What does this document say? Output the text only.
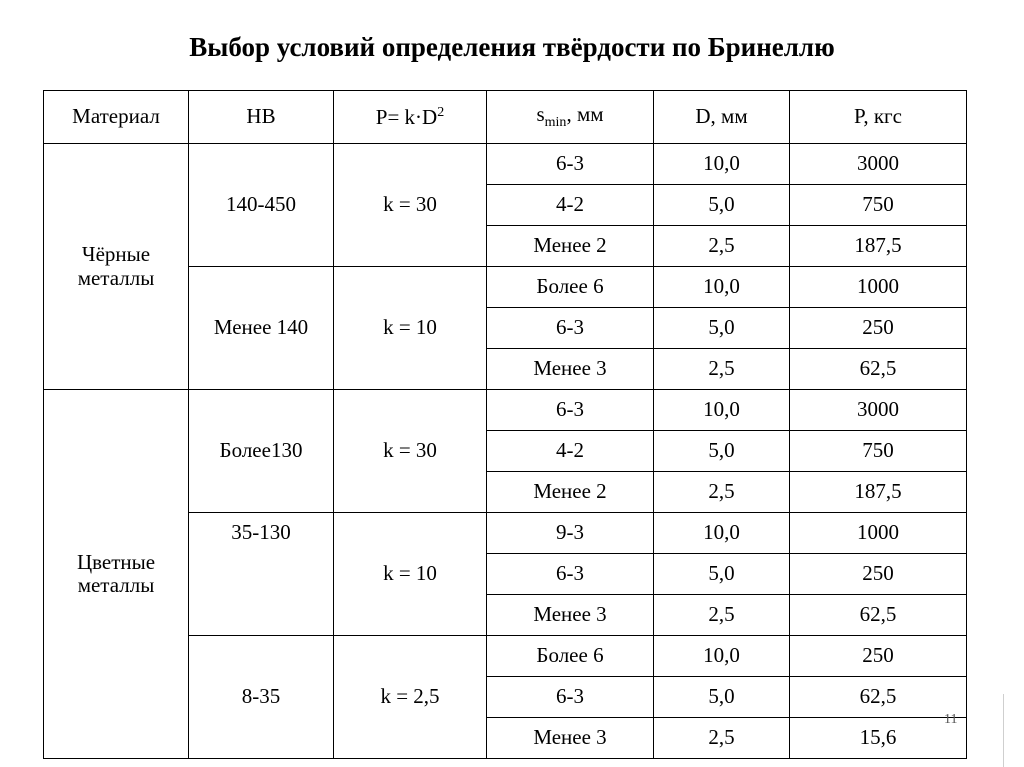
Выбор условий определения твёрдости по Бринеллю
Материал	НВ	$P= k\cdot D^2$	$s_{min}$, мм	D, мм	P, кгс
Чёрные металлы	140-450	k = 30	6-3	10,0	3000
			4-2	5,0	750
			Менее 2	2,5	187,5
	Менее 140	k = 10	Более 6	10,0	1000
			6-3	5,0	250
			Менее 3	2,5	62,5
Цветные металлы	Более130	k = 30	6-3	10,0	3000
			4-2	5,0	750
			Менее 2	2,5	187,5
	35-130	k = 10	9-3	10,0	1000
			6-3	5,0	250
			Менее 3	2,5	62,5
	8-35	k = 2,5	Более 6	10,0	250
			6-3	5,0	62,5
			Менее 3	2,5	15,6
11
